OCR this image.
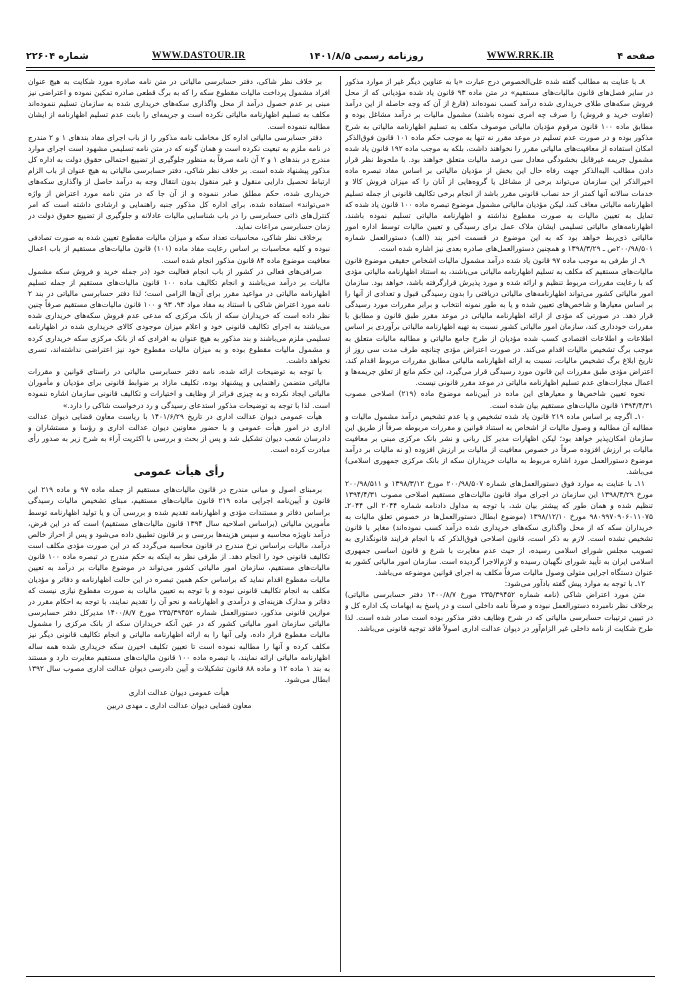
صفحه ۴
WWW.RRK.IR
روزنامه رسمی ۱۴۰۱/۸/۵
WWW.DASTOUR.IR
شماره ۲۲۶۰۴

۸ـ با عنایت به مطالب گفته شده علی‌الخصوص درج عبارت «یا به عناوین دیگر غیر از موارد مذکور در سایر فصل‌های قانون مالیات‌های مستقیم» در متن ماده ۹۳ قانون یاد شده مؤدیانی که از محل فروش سکه‌های طلای خریداری شده درآمد کسب نموده‌اند (فارغ از آن که وجه حاصله از این درآمد (تفاوت خرید و فروش) را صرف چه امری نموده باشند) مشمول مالیات بر درآمد مشاغل بوده و مطابق ماده ۱۰۰ قانون مرقوم مؤدیان مالیاتی موصوف مکلف به تسلیم اظهارنامه مالیاتی به شرح مذکور بوده و در صورت عدم تسلیم در موعد مقرر نه تنها به موجب حکم ماده ۱۰۱ قانون فوق‌الذکر امکان استفاده از معافیت‌های مالیاتی مقرر را نخواهند داشت، بلکه به موجب ماده ۱۹۲ قانون یاد شده مشمول جریمه غیرقابل بخشودگی معادل سی درصد مالیات متعلق خواهند بود. با ملحوظ نظر قرار دادن مطالب الیه‌الذکر جهت رفاه حال این بخش از مؤدیان مالیاتی بر اساس مفاد تبصره ماده اخیرالذکر این سازمان می‌تواند برخی از مشاغل یا گروه‌هایی از آنان را که میزان فروش کالا و خدمات سالانه آنها کمتر از حد نصاب قانونی مقرر باشد از انجام برخی تکالیف قانونی از جمله تسلیم اظهارنامه مالیاتی معاف کند، لیکن مؤدیان مالیاتی مشمول موضوع تبصره ماده ۱۰۰ قانون یاد شده که تمایل به تعیین مالیات به صورت مقطوع نداشته و اظهارنامه مالیاتی تسلیم نموده باشند، اظهارنامه‌های مالیاتی تسلیمی ایشان ملاک عمل برای رسیدگی و تعیین مالیات توسط اداره امور مالیاتی ذی‌ربط خواهد بود که به این موضوع در قسمت اخیر بند (الف) دستورالعمل شماره ۲۰۰/۹۸/۵۰۱ص ـ ۱۳۹۸/۳/۲۹ و همچنین دستورالعمل‌های صادره بعدی نیز اشاره شده است.

۹ـ از طرفی به موجب ماده ۹۷ قانون یاد شده درآمد مشمول مالیات اشخاص حقیقی موضوع قانون مالیات‌های مستقیم که مکلف به تسلیم اظهارنامه مالیاتی می‌باشند، به استناد اظهارنامه مالیاتی مؤدی که با رعایت مقررات مربوط تنظیم و ارائه شده و مورد پذیرش قرارگرفته باشد، خواهد بود. سازمان امور مالیاتی کشور می‌تواند اظهارنامه‌های مالیاتی دریافتی را بدون رسیدگی قبول و تعدادی از آنها را بر اساس معیارها و شاخص‌های تعیین شده و یا به طور نمونه انتخاب و برابر مقررات مورد رسیدگی قرار دهد. در صورتی که مؤدی از ارائه اظهارنامه مالیاتی در موعد مقرر طبق قانون و مطابق با مقررات خودداری کند، سازمان امور مالیاتی کشور نسبت به تهیه اظهارنامه مالیاتی برآوردی بر اساس اطلاعات و اطلاعات اقتصادی کسب شده مؤدیان از طرح جامع مالیاتی و مطالبه مالیات متعلق به موجب برگ تشخیص مالیات اقدام می‌کند. در صورت اعتراض مؤدی چنانچه طرف مدت سی روز از تاریخ ابلاغ برگ تشخیص مالیات، نسبت به ارائه اظهارنامه مالیاتی مطابق مقررات مربوط اقدام کند، اعتراض مؤدی طبق مقررات این قانون مورد رسیدگی قرار می‌گیرد، این حکم مانع از تعلق جریمه‌ها و اعمال مجازات‌های عدم تسلیم اظهارنامه مالیاتی در موعد مقرر قانونی نیست.

نحوه تعیین شاخص‌ها و معیارهای این ماده در آیین‌نامه موضوع ماده (۲۱۹) اصلاحی مصوب ۱۳۹۴/۴/۳۱ قانون مالیات‌های مستقیم بیان شده است.

۱۰ـ اگرچه بر اساس ماده ۲۱۹ قانون یاد شده تشخیص و یا عدم تشخیص درآمد مشمول مالیات و مطالبه آن مطالبه و وصول مالیات از اشخاص به استناد قوانین و مقررات مربوطه صرفاً از طریق این سازمان امکان‌پذیر خواهد بود؛ لیکن اظهارات مدیر کل ربانی و نشر بانک مرکزی مبنی بر معافیت مالیات بر ارزش افزوده صرفاً در خصوص معافیت از مالیات بر ارزش افزوده (و نه مالیات بر درآمد موضوع دستورالعمل مورد اشاره مربوط به مالیات خریداران سکه از بانک مرکزی جمهوری اسلامی) می‌باشد.

۱۱ـ با عنایت به موارد فوق دستورالعمل‌های شماره ۲۰۰/۹۸/۵۰۷ مورخ ۱۳۹۸/۳/۱۲ و ۲۰۰/۹۸/۵۱۱ مورخ ۱۳۹۸/۳/۲۹ این سازمان در اجرای مواد قانون مالیات‌های مستقیم اصلاحی مصوب ۱۳۹۴/۴/۳۱ تنظیم شده و همان طور که پیشتر بیان شد، با توجه به مداول دادنامه شماره ۲۰۴۴ الی ۲۰۴۴ـ ۹۸۰۹۹۷۰۹۰۶۰۱۱۰۷۵ مورخ ۱۳۹۸/۱۲/۱۰ (موضوع ابطال دستورالعمل‌ها در خصوص تعلق مالیات به خریداران سکه که از محل واگذاری سکه‌های خریداری شده درآمد کسب نموده‌اند) مغایر با قانون تشخیص نشده است. لازم به ذکر است، قانون اصلاحی فوق‌الذکر که با انجام فرایند قانونگذاری به تصویب مجلس شورای اسلامی رسیده، از حیث عدم مغایرت با شرع و قانون اساسی جمهوری اسلامی ایران به تأیید شورای نگهبان رسیده و لازم‌الاجرا گردیده است. سازمان امور مالیاتی کشور به عنوان دستگاه اجرایی متولی وصول مالیات صرفاً مکلف به اجرای قوانین موضوعه می‌باشد.

۱۲ـ با توجه به موارد پیش گفته بادآور می‌شود:

متن مورد اعتراض شاکی (نامه شماره ۲۳۵/۳۹۴۵۲ مورخ ۱۴۰۰/۸/۷ دفتر حسابرسی مالیاتی) برخلاف نظر نامبرده دستورالعمل نبوده و صرفاً نامه داخلی است و در پاسخ به ابهامات یک اداره کل و در تبیین ترتیبات حسابرسی مالیاتی که در شرح وظایف دفتر مذکور بوده است صادر شده است. لذا طرح شکایت از نامه داخلی غیر الزام‌آور در دیوان عدالت اداری اصولاً فاقد توجیه قانونی می‌باشد.

بر خلاف نظر شاکی، دفتر حسابرسی مالیاتی در متن نامه صادره مورد شکایت به هیچ عنوان افراد مشمول پرداخت مالیات مقطوع سکه را که به برگ قطعی صادره تمکین نموده و اعتراضی نیز مبنی بر عدم حصول درآمد از محل واگذاری سکه‌های خریداری شده به سازمان تسلیم ننموده‌اند مکلف به تسلیم اظهارنامه مالیاتی نکرده است و جریمه‌ای را بابت عدم تسلیم اظهارنامه از ایشان مطالبه ننموده است.

دفتر حسابرسی مالیاتی اداره کل مخاطب نامه مذکور را از باب اجرای مفاد بندهای ۱ و ۲ مندرج در نامه ملزم به تبعیت نکرده است و همان گونه که در متن نامه تسلیمی مشهود است اجرای موارد مندرج در بندهای ۱ و ۲ آن نامه صرفاً به منظور جلوگیری از تضییع احتمالی حقوق دولت به اداره کل مذکور پیشنهاد شده است. بر خلاف نظر شاکی، دفتر حسابرسی مالیاتی به هیچ عنوان از باب الزام ارتباط تحصیل دارایی منقول و غیر منقول بدون انتقال وجه به درآمد حاصل از واگذاری سکه‌های خریداری شده، حکم مطلق صادر ننموده و از آن جا که در متن نامه مورد اعتراض از واژه «می‌تواند» استفاده شده، برای اداره کل مذکور جنبه راهنمایی و ارشادی داشته است که امر کنترل‌های ذاتی حسابرسی را در باب شناسایی مالیات عادلانه و جلوگیری از تضییع حقوق دولت در زمان حسابرسی مراعات نماید.

برخلاف نظر شاکی، محاسبات تعداد سکه و میزان مالیات مقطوع تعیین شده به صورت تصادفی نبوده و کلیه محاسبات بر اساس رعایت مفاد ماده (۱۰۱) قانون مالیات‌های مستقیم از باب اعمال معافیت موضوع ماده ۸۴ قانون مذکور انجام شده است.

صرافی‌های فعالی در کشور از باب انجام فعالیت خود (در جمله خرید و فروش سکه مشمول مالیات بر درآمد می‌باشند و انجام تکالیف ماده ۱۰۰ قانون مالیات‌های مستقیم از جمله تسلیم اظهارنامه مالیاتی در مواعید مقرر برای آن‌ها الزامی است؛ لذا دفتر حسابرسی مالیاتی در بند ۲ نامه مورد اعتراض شاکی با استناد به مفاد مواد ۹۳، ۹۳ و ۱۰۰ قانون مالیات‌های مستقیم صرفاً چنین نظر داده است که خریداران سکه از بانک مرکزی که مدعی عدم فروش سکه‌های خریداری شده می‌باشند به اجرای تکالیف قانونی خود و اعلام میزان موجودی کالای خریداری شده در اظهارنامه تسلیمی ملزم می‌باشند و بند مذکور به هیچ عنوان به افرادی که از بانک مرکزی سکه خریداری کرده و مشمول مالیات مقطوع بوده و به میزان مالیات مقطوع خود نیز اعتراضی نداشته‌اند، تسری نخواهد داشت.

با توجه به توضیحات ارائه شده، نامه دفتر حسابرسی مالیاتی در راستای قوانین و مقررات مالیاتی متضمن راهنمایی و پیشنهاد بوده، تکلیف مازاد بر ضوابط قانونی برای مؤدیان و مأموران مالیاتی ایجاد نکرده و به چیزی فراتر از وظایف و اختیارات و تکالیف قانونی سازمان اشاره ننموده است. لذا با توجه به توضیحات مذکور استدعای رسیدگی و رد درخواست شاکی را دارد.»

هیأت عمومی دیوان عدالت اداری در تاریخ ۱۴۰۱/۶/۲۹ با ریاست معاون قضایی دیوان عدالت اداری در امور هیأت عمومی و با حضور معاونین دیوان عدالت اداری و رؤسا و مستشاران و دادرسان شعب دیوان تشکیل شد و پس از بحث و بررسی با اکثریت آراء به شرح زیر به صدور رأی مبادرت کرده است.

رأی هیأت عمومی

برمبنای اصول و مبانی مندرج در قانون مالیات‌های مستقیم از جمله ماده ۹۷ و ماده ۲۱۹ این قانون و آیین‌نامه اجرایی ماده ۲۱۹ قانون مالیات‌های مستقیم، مبنای تشخیص مالیات رسیدگی براساس دفاتر و مستندات مؤدی و اظهارنامه تقدیم شده و بررسی آن و یا تولید اظهارنامه توسط مأمورین مالیاتی (براساس اصلاحیه سال ۱۳۹۴ قانون مالیات‌های مستقیم) است که در این فرض، درآمد ناویژه محاسبه و سپس هزینه‌ها بررسی و بر قانون تطبیق داده می‌شود و پس از احراز خالص درآمد، مالیات براساس نرخ مندرج در قانون محاسبه می‌گردد که در این صورت مؤدی مکلف است تکالیف قانونی خود را انجام دهد. از طرفی نظر به اینکه به حکم مندرج در تبصره ماده ۱۰۰ قانون مالیات‌های مستقیم، سازمان امور مالیاتی کشور می‌تواند در موضوع مالیات بر درآمد به تعیین مالیات مقطوع اقدام نماید که براساس حکم همین تبصره در این حالت اظهارنامه و دفاتر و مؤدیان مکلف به انجام تکالیف قانونی نبوده و با توجه به تعیین مالیات به صورت مقطوع نیازی نیست که دفاتر و مدارک هزینه‌ای و درآمدی و اظهارنامه و نحو آن را تقدیم نمایند، با توجه به احکام مقرر در موازین قانونی مذکور، دستورالعمل شماره ۲۳۵/۳۹۴۵۲ مورخ ۱۴۰۰/۸/۷ مدیرکل دفتر حسابرسی مالیاتی سازمان امور مالیاتی کشور که در عین آنکه خریداران سکه از بانک مرکزی را مشمول مالیات مقطوع قرار داده، ولی آنها را به ارائه اظهارنامه مالیاتی و انجام تکالیف قانونی دیگر نیز مکلف کرده و آنها را مطالبه نموده است تا تعیین تکلیف اخیرن سکه خریداری شده همه ساله اظهارنامه مالیاتی ارائه نمایند، با تبصره ماده ۱۰۰ قانون مالیات‌های مستقیم مغایرت دارد و مستند به بند ۱ ماده ۱۲ و ماده ۸۸ قانون تشکیلات و آیین دادرسی دیوان عدالت اداری مصوب سال ۱۳۹۲ ابطال می‌شود.

هیأت عمومی دیوان عدالت اداری

معاون قضایی دیوان عدالت اداری ـ مهدی دربین
